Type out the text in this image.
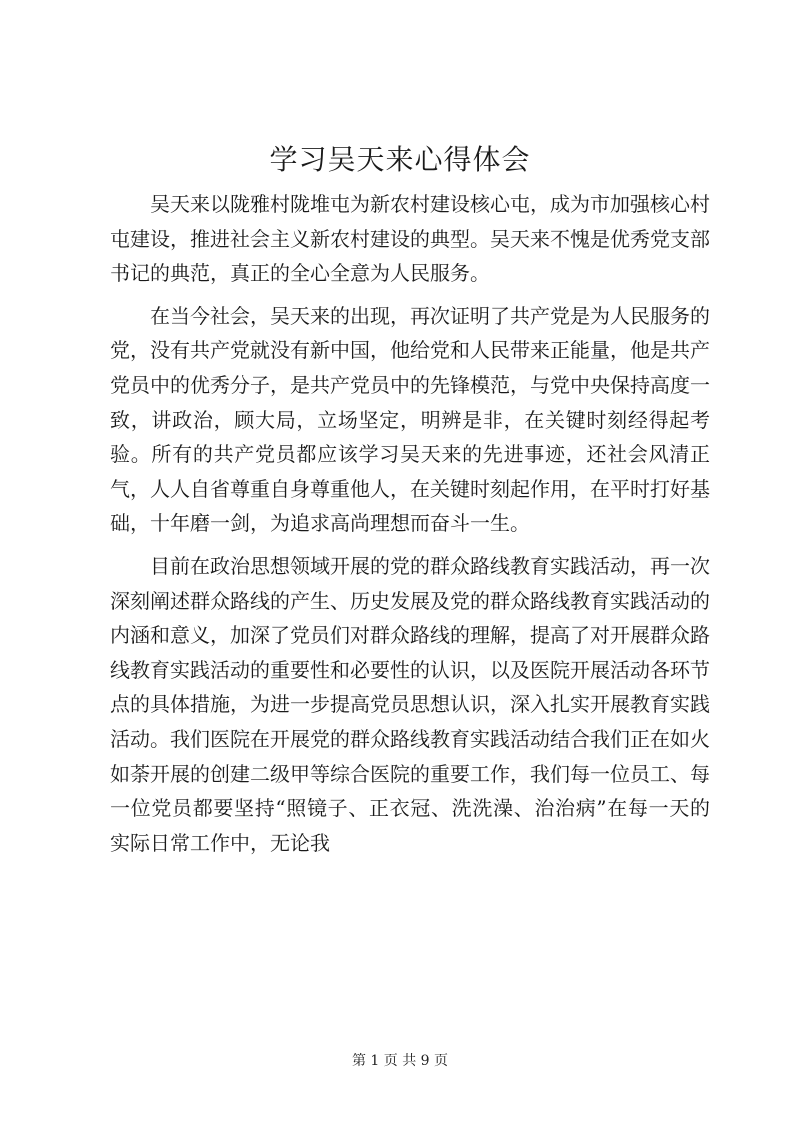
学习吴天来心得体会

吴天来以陇雅村陇堆屯为新农村建设核心屯，成为市加强核心村屯建设，推进社会主义新农村建设的典型。吴天来不愧是优秀党支部书记的典范，真正的全心全意为人民服务。

在当今社会，吴天来的出现，再次证明了共产党是为人民服务的党，没有共产党就没有新中国，他给党和人民带来正能量，他是共产党员中的优秀分子，是共产党员中的先锋模范，与党中央保持高度一致，讲政治，顾大局，立场坚定，明辨是非，在关键时刻经得起考验。所有的共产党员都应该学习吴天来的先进事迹，还社会风清正气，人人自省尊重自身尊重他人，在关键时刻起作用，在平时打好基础，十年磨一剑，为追求高尚理想而奋斗一生。

目前在政治思想领域开展的党的群众路线教育实践活动，再一次深刻阐述群众路线的产生、历史发展及党的群众路线教育实践活动的内涵和意义，加深了党员们对群众路线的理解，提高了对开展群众路线教育实践活动的重要性和必要性的认识，以及医院开展活动各环节点的具体措施，为进一步提高党员思想认识，深入扎实开展教育实践活动。我们医院在开展党的群众路线教育实践活动结合我们正在如火如荼开展的创建二级甲等综合医院的重要工作，我们每一位员工、每一位党员都要坚持“照镜子、正衣冠、洗洗澡、治治病”在每一天的实际日常工作中，无论我

第 1 页 共 9 页
